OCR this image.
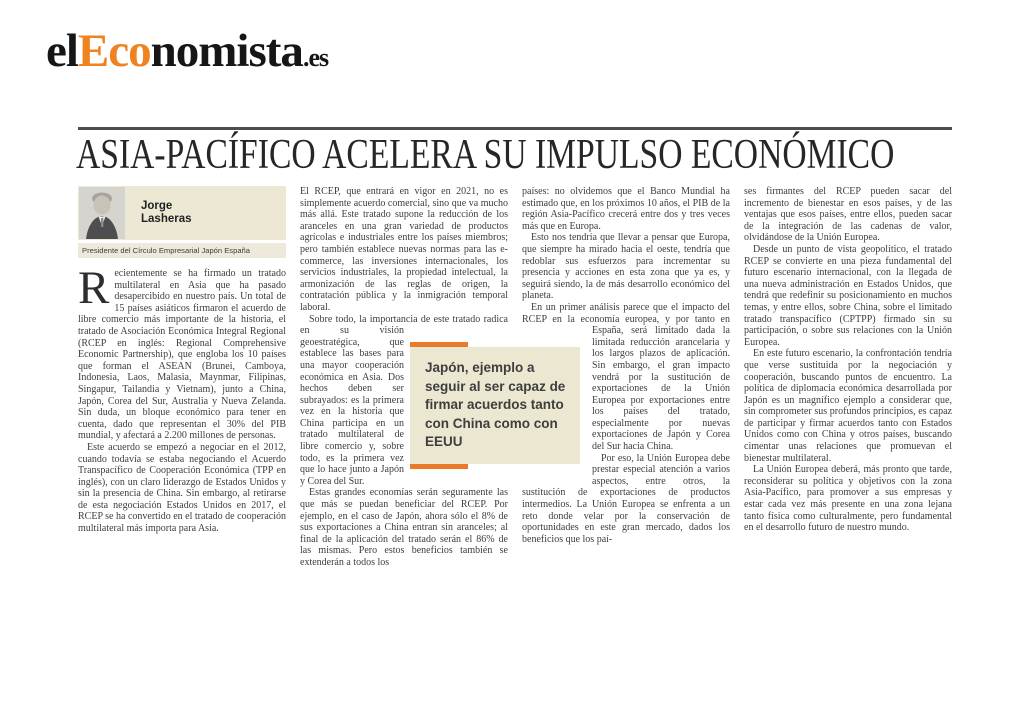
elEconomista.es
ASIA-PACÍFICO ACELERA SU IMPULSO ECONÓMICO
Jorge
Lasheras
Presidente del Círculo Empresarial Japón España

Recientemente se ha firmado un tratado multilateral en Asia que ha pasado desapercibido en nuestro país. Un total de 15 países asiáticos firmaron el acuerdo de libre comercio más importante de la historia, el tratado de Asociación Económica Integral Regional (RCEP en inglés: Regional Comprehensive Economic Partnership), que engloba los 10 países que forman el ASEAN (Brunei, Camboya, Indonesia, Laos, Malasia, Maynmar, Filipinas, Singapur, Tailandia y Vietnam), junto a China, Japón, Corea del Sur, Australia y Nueva Zelanda. Sin duda, un bloque económico para tener en cuenta, dado que representan el 30% del PIB mundial, y afectará a 2.200 millones de personas.

Este acuerdo se empezó a negociar en el 2012, cuando todavía se estaba negociando el Acuerdo Transpacífico de Cooperación Económica (TPP en inglés), con un claro liderazgo de Estados Unidos y sin la presencia de China. Sin embargo, al retirarse de esta negociación Estados Unidos en 2017, el RCEP se ha convertido en el tratado de cooperación multilateral más importa para Asia.

El RCEP, que entrará en vigor en 2021, no es simplemente acuerdo comercial, sino que va mucho más allá. Este tratado supone la reducción de los aranceles en una gran variedad de productos agrícolas e industriales entre los países miembros; pero también establece nuevas normas para las e-commerce, las inversiones internacionales, los servicios industriales, la propiedad intelectual, la armonización de las reglas de origen, la contratación pública y la inmigración temporal laboral.

Sobre todo, la importancia de este tratado radica en su visión geoestratégica, que establece las bases para una mayor cooperación económica en Asia. Dos hechos deben ser subrayados: es la primera vez en la historia que China participa en un tratado multilateral de libre comercio y, sobre todo, es la primera vez que lo hace junto a Japón y Corea del Sur.

Estas grandes economías serán seguramente las que más se puedan beneficiar del RCEP. Por ejemplo, en el caso de Japón, ahora sólo el 8% de sus exportaciones a China entran sin aranceles; al final de la aplicación del tratado serán el 86% de las mismas. Pero estos beneficios también se extenderán a todos los

países: no olvidemos que el Banco Mundial ha estimado que, en los próximos 10 años, el PIB de la región Asia-Pacífico crecerá entre dos y tres veces más que en Europa.

Esto nos tendría que llevar a pensar que Europa, que siempre ha mirado hacia el oeste, tendría que redoblar sus esfuerzos para incrementar su presencia y acciones en esta zona que ya es, y seguirá siendo, la de más desarrollo económico del planeta.

En un primer análisis parece que el impacto del RCEP en la economía europea, y por tanto en España, será limitado dada la limitada reducción arancelaria y los largos plazos de aplicación. Sin embargo, el gran impacto vendrá por la sustitución de exportaciones de la Unión Europea por exportaciones entre los países del tratado, especialmente por nuevas exportaciones de Japón y Corea del Sur hacia China.

Por eso, la Unión Europea debe prestar especial atención a varios aspectos, entre otros, la sustitución de exportaciones de productos intermedios. La Unión Europea se enfrenta a un reto donde velar por la conservación de oportunidades en este gran mercado, dados los beneficios que los paí-

ses firmantes del RCEP pueden sacar del incremento de bienestar en esos países, y de las ventajas que esos países, entre ellos, pueden sacar de la integración de las cadenas de valor, olvidándose de la Unión Europea.

Desde un punto de vista geopolítico, el tratado RCEP se convierte en una pieza fundamental del futuro escenario internacional, con la llegada de una nueva administración en Estados Unidos, que tendrá que redefinir su posicionamiento en muchos temas, y entre ellos, sobre China, sobre el limitado tratado transpacífico (CPTPP) firmado sin su participación, o sobre sus relaciones con la Unión Europea.

En este futuro escenario, la confrontación tendría que verse sustituida por la negociación y cooperación, buscando puntos de encuentro. La política de diplomacia económica desarrollada por Japón es un magnífico ejemplo a considerar que, sin comprometer sus profundos principios, es capaz de participar y firmar acuerdos tanto con Estados Unidos como con China y otros países, buscando cimentar unas relaciones que promuevan el bienestar multilateral.

La Unión Europea deberá, más pronto que tarde, reconsiderar su política y objetivos con la zona Asia-Pacífico, para promover a sus empresas y estar cada vez más presente en una zona lejana tanto física como culturalmente, pero fundamental en el desarrollo futuro de nuestro mundo.

Japón, ejemplo a seguir al ser capaz de firmar acuerdos tanto con China como con EEUU
